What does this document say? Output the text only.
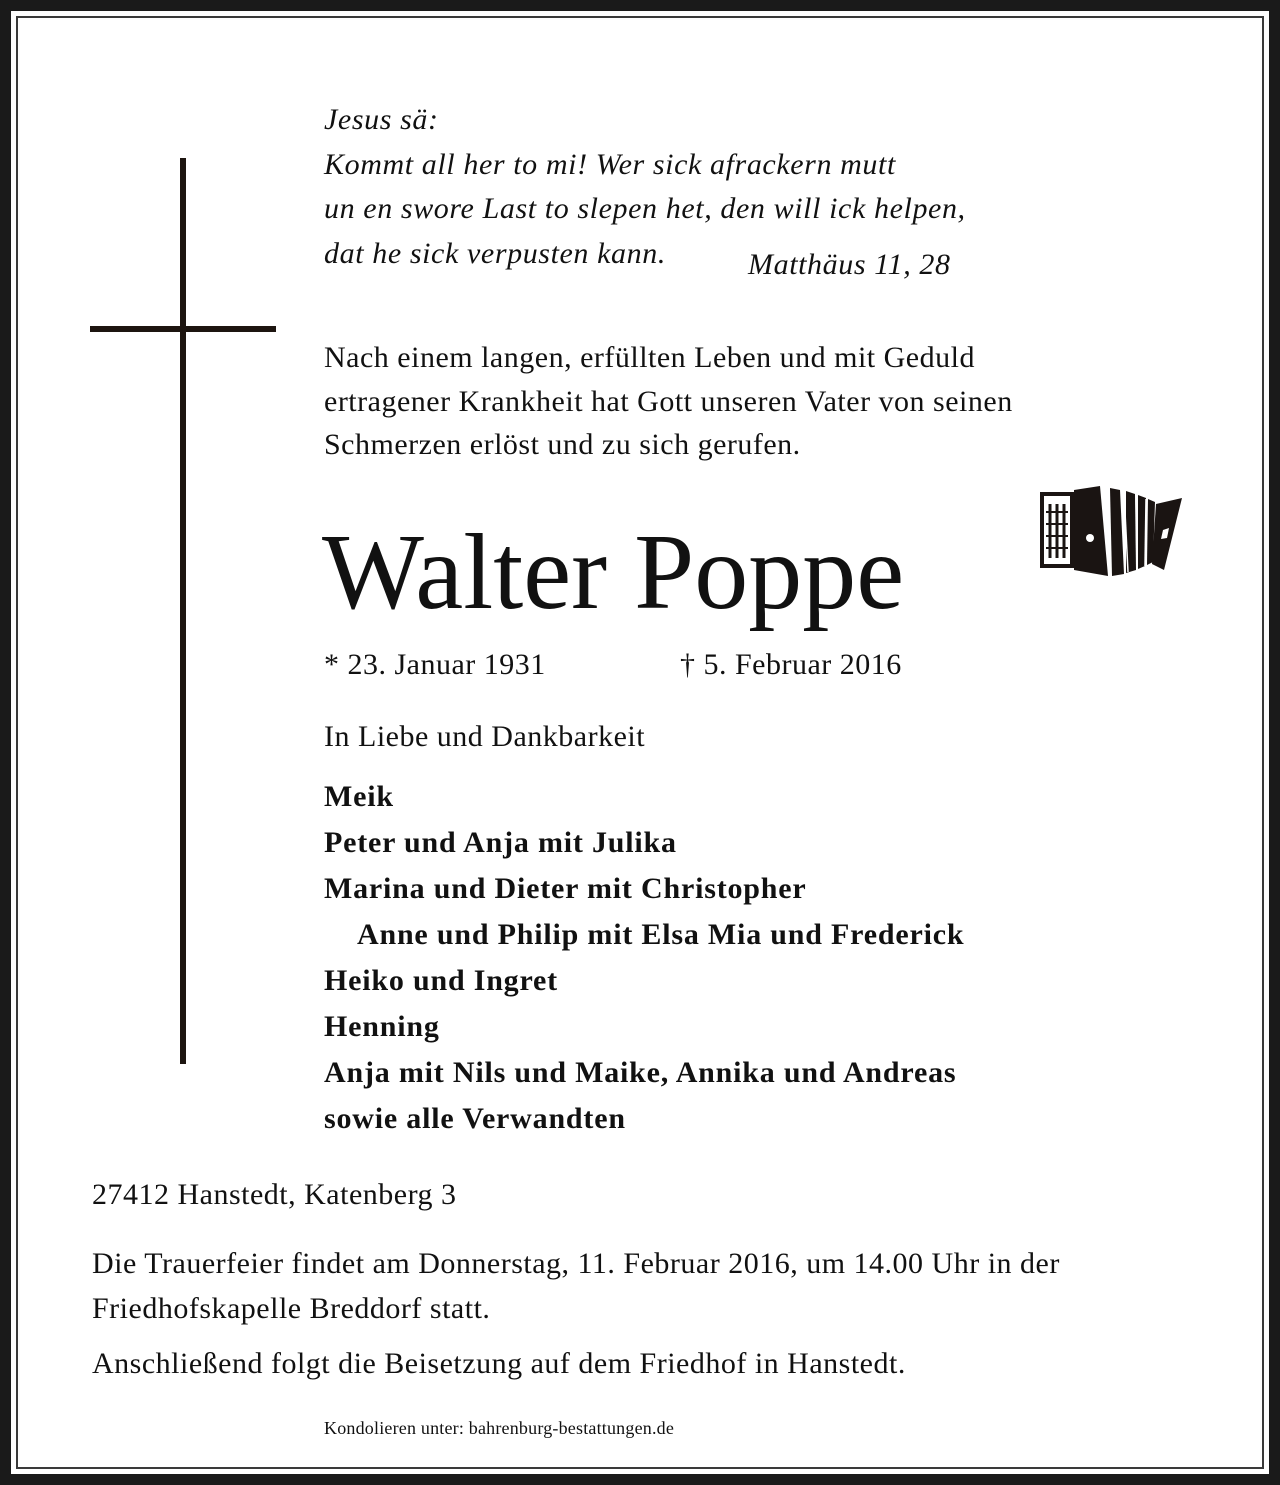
Jesus sä:
Kommt all her to mi! Wer sick afrackern mutt
un en swore Last to slepen het, den will ick helpen,
dat he sick verpusten kann.	Matthäus 11, 28
Nach einem langen, erfüllten Leben und mit Geduld
ertragener Krankheit hat Gott unseren Vater von seinen
Schmerzen erlöst und zu sich gerufen.
Walter Poppe
* 23. Januar 1931	† 5. Februar 2016
In Liebe und Dankbarkeit
Meik
Peter und Anja mit Julika
Marina und Dieter mit Christopher
Anne und Philip mit Elsa Mia und Frederick
Heiko und Ingret
Henning
Anja mit Nils und Maike, Annika und Andreas
sowie alle Verwandten
27412 Hanstedt, Katenberg 3
Die Trauerfeier findet am Donnerstag, 11. Februar 2016, um 14.00 Uhr in der
Friedhofskapelle Breddorf statt.
Anschließend folgt die Beisetzung auf dem Friedhof in Hanstedt.
Kondolieren unter: bahrenburg-bestattungen.de
